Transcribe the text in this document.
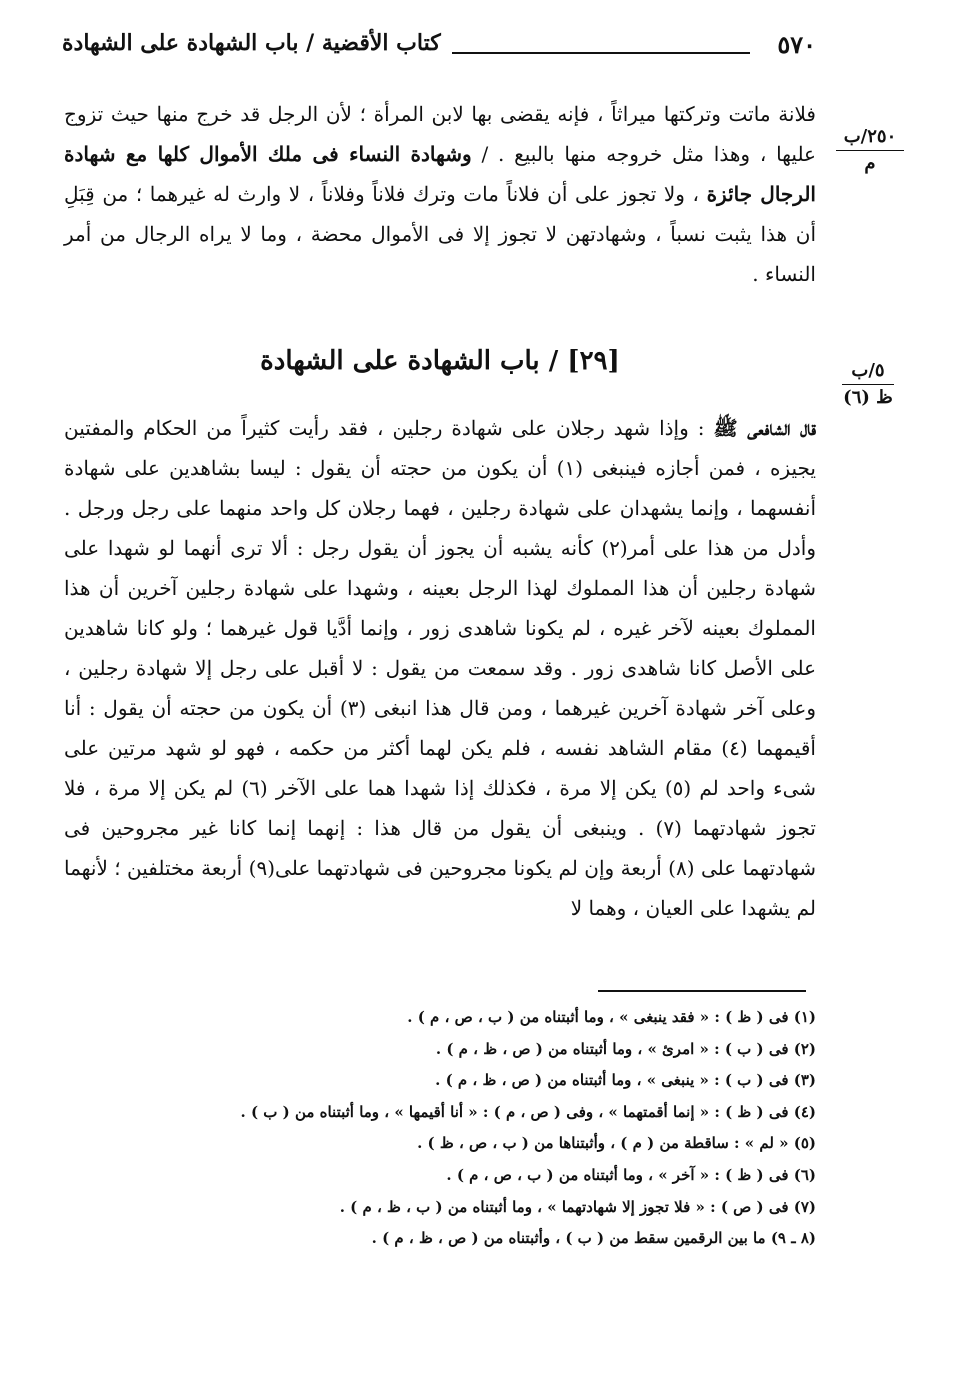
٥٧٠
كتاب الأقضية / باب الشهادة على الشهادة
٢٥٠/ب
م
٥/ب
ظ (٦)
فلانة ماتت وتركتها ميراثاً ، فإنه يقضى بها لابن المرأة ؛ لأن الرجل قد خرج منها حيث تزوج عليها ، وهذا مثل خروجه منها بالبيع . / وشهادة النساء فى ملك الأموال كلها مع شهادة الرجال جائزة ، ولا تجوز على أن فلاناً مات وترك فلاناً وفلاناً ، لا وارث له غيرهما ؛ من قِبَلِ أن هذا يثبت نسباً ، وشهادتهن لا تجوز إلا فى الأموال محضة ، وما لا يراه الرجال من أمر النساء .
[٢٩] / باب الشهادة على الشهادة
قال الشافعى ﷺ : وإذا شهد رجلان على شهادة رجلين ، فقد رأيت كثيراً من الحكام والمفتين يجيزه ، فمن أجازه فينبغى (١) أن يكون من حجته أن يقول : ليسا بشاهدين على شهادة أنفسهما ، وإنما يشهدان على شهادة رجلين ، فهما رجلان كل واحد منهما على رجل ورجل . وأدل من هذا على أمر(٢) كأنه يشبه أن يجوز أن يقول رجل : ألا ترى أنهما لو شهدا على شهادة رجلين أن هذا المملوك لهذا الرجل بعينه ، وشهدا على شهادة رجلين آخرين أن هذا المملوك بعينه لآخر غيره ، لم يكونا شاهدى زور ، وإنما أدَّيا قول غيرهما ؛ ولو كانا شاهدين على الأصل كانا شاهدى زور . وقد سمعت من يقول : لا أقبل على رجل إلا شهادة رجلين ، وعلى آخر شهادة آخرين غيرهما ، ومن قال هذا انبغى (٣) أن يكون من حجته أن يقول : أنا أقيمهما (٤) مقام الشاهد نفسه ، فلم يكن لهما أكثر من حكمه ، فهو لو شهد مرتين على شىء واحد لم (٥) يكن إلا مرة ، فكذلك إذا شهدا هما على الآخر (٦) لم يكن إلا مرة ، فلا تجوز شهادتهما (٧) . وينبغى أن يقول من قال هذا : إنهما إنما كانا غير مجروحين فى شهادتهما على (٨) أربعة وإن لم يكونا مجروحين فى شهادتهما على(٩) أربعة مختلفين ؛ لأنهما لم يشهدا على العيان ، وهما لا
(١) فى ( ظ ) : « فقد ينبغى » ، وما أثبتناه من ( ب ، ص ، م ) .
(٢) فى ( ب ) : « امرئ » ، وما أثبتناه من ( ص ، ظ ، م ) .
(٣) فى ( ب ) : « ينبغى » ، وما أثبتناه من ( ص ، ظ ، م ) .
(٤) فى ( ظ ) : « إنما أقمتهما » ، وفى ( ص ، م ) : « أنا أقيمها » ، وما أثبتناه من ( ب ) .
(٥) « لم » : ساقطة من ( م ) ، وأثبتناها من ( ب ، ص ، ظ ) .
(٦) فى ( ظ ) : « آخر » ، وما أثبتناه من ( ب ، ص ، م ) .
(٧) فى ( ص ) : « فلا تجوز إلا شهادتهما » ، وما أثبتناه من ( ب ، ظ ، م ) .
(٨ ـ ٩) ما بين الرقمين سقط من ( ب ) ، وأثبتناه من ( ص ، ظ ، م ) .
